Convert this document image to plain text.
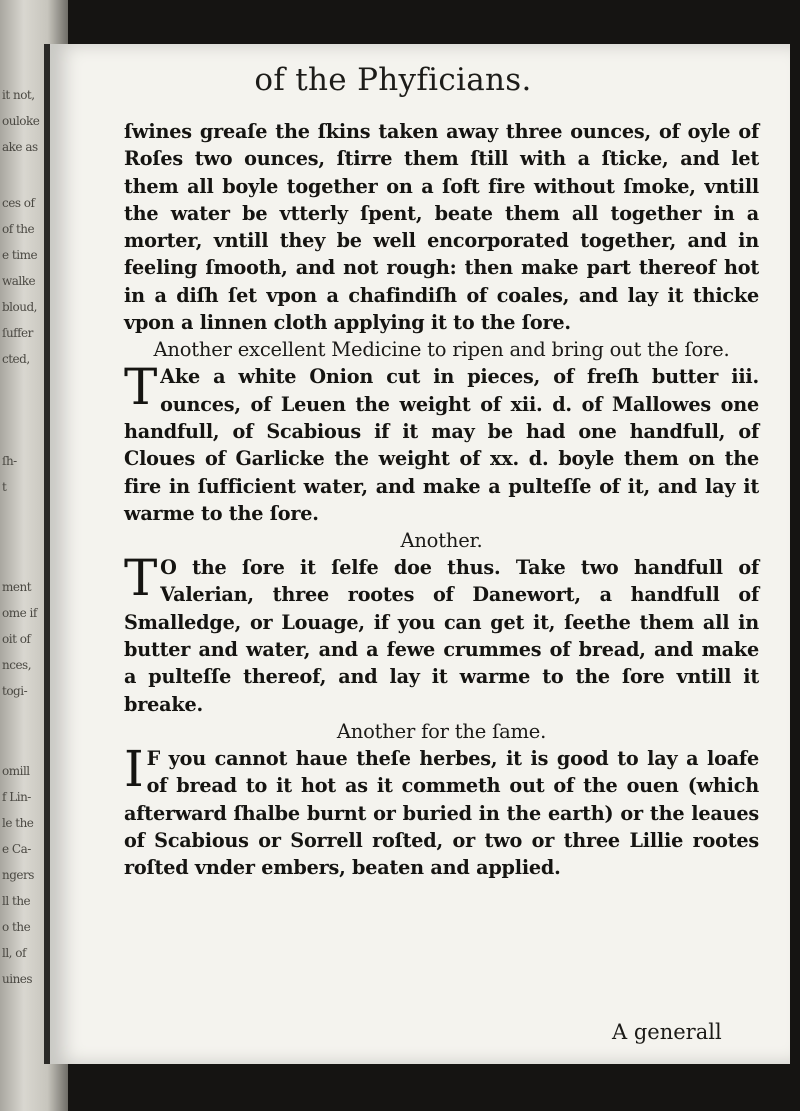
it not,
ouloke
ake as
ces of
of the
e time
walke
bloud,
ſuffer
cted,
ſh-
t
ment
ome if
oit of
nces,
togi-
omill
f Lin-
le the
e Ca-
ngers
ll the
o the
ll, of
uines
of the Phyficians.

ſwines greaſe the ſkins taken away three ounces, of oyle of Roſes two ounces, ſtirre them ſtill with a ſticke, and let them all boyle together on a ſoft fire without ſmoke, vntill the water be vtterly ſpent, beate them all together in a morter, vntill they be well encorporated together, and in feeling ſmooth, and not rough: then make part thereof hot in a diſh ſet vpon a chafindiſh of coales, and lay it thicke vpon a linnen cloth applying it to the ſore.

Another excellent Medicine to ripen and bring out the ſore.

T Ake a white Onion cut in pieces, of freſh butter iii. ounces, of Leuen the weight of xii. d. of Mallowes one handfull, of Scabious if it may be had one handfull, of Cloues of Garlicke the weight of xx. d. boyle them on the fire in ſufficient water, and make a pulteſſe of it, and lay it warme to the ſore.

Another.

T O the ſore it ſelfe doe thus. Take two handfull of Valerian, three rootes of Danewort, a handfull of Smalledge, or Louage, if you can get it, ſeethe them all in butter and water, and a fewe crummes of bread, and make a pulteſſe thereof, and lay it warme to the ſore vntill it breake.

Another for the ſame.

I F you cannot haue theſe herbes, it is good to lay a loafe of bread to it hot as it commeth out of the ouen (which afterward ſhalbe burnt or buried in the earth) or the leaues of Scabious or Sorrell roſted, or two or three Lillie rootes roſted vnder embers, beaten and applied.

A generall
